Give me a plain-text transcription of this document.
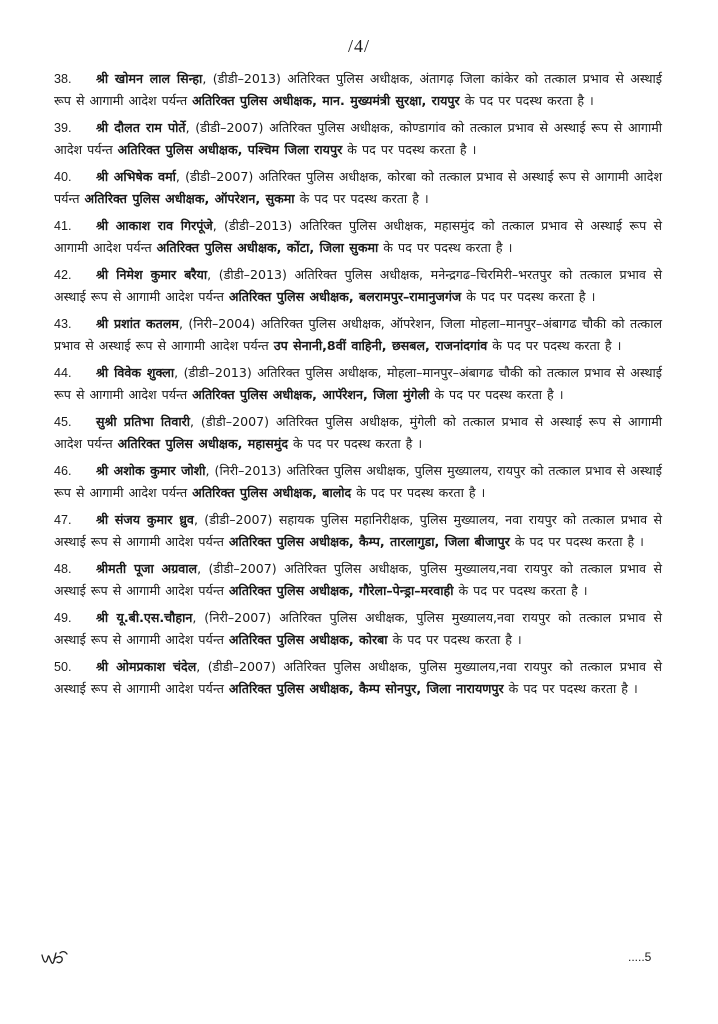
/4/
38. श्री खोमन लाल सिन्हा, (डीडी–2013) अतिरिक्त पुलिस अधीक्षक, अंतागढ़ जिला कांकेर को तत्काल प्रभाव से अस्थाई रूप से आगामी आदेश पर्यन्त अतिरिक्त पुलिस अधीक्षक, मान. मुख्यमंत्री सुरक्षा, रायपुर के पद पर पदस्थ करता है ।
39. श्री दौलत राम पोर्ते, (डीडी–2007) अतिरिक्त पुलिस अधीक्षक, कोण्डागांव को तत्काल प्रभाव से अस्थाई रूप से आगामी आदेश पर्यन्त अतिरिक्त पुलिस अधीक्षक, पश्चिम जिला रायपुर के पद पर पदस्थ करता है ।
40. श्री अभिषेक वर्मा, (डीडी–2007) अतिरिक्त पुलिस अधीक्षक, कोरबा को तत्काल प्रभाव से अस्थाई रूप से आगामी आदेश पर्यन्त अतिरिक्त पुलिस अधीक्षक, ऑपरेशन, सुकमा के पद पर पदस्थ करता है ।
41. श्री आकाश राव गिरपूंजे, (डीडी–2013) अतिरिक्त पुलिस अधीक्षक, महासमुंद को तत्काल प्रभाव से अस्थाई रूप से आगामी आदेश पर्यन्त अतिरिक्त पुलिस अधीक्षक, कोंटा, जिला सुकमा के पद पर पदस्थ करता है ।
42. श्री निमेश कुमार बरैया, (डीडी–2013) अतिरिक्त पुलिस अधीक्षक, मनेन्द्रगढ–चिरमिरी–भरतपुर को तत्काल प्रभाव से अस्थाई रूप से आगामी आदेश पर्यन्त अतिरिक्त पुलिस अधीक्षक, बलरामपुर–रामानुजगंज के पद पर पदस्थ करता है ।
43. श्री प्रशांत कतलम, (निरी–2004) अतिरिक्त पुलिस अधीक्षक, ऑपरेशन, जिला मोहला–मानपुर–अंबागढ चौकी को तत्काल प्रभाव से अस्थाई रूप से आगामी आदेश पर्यन्त उप सेनानी,8वीं वाहिनी, छसबल, राजनांदगांव के पद पर पदस्थ करता है ।
44. श्री विवेक शुक्ला, (डीडी–2013) अतिरिक्त पुलिस अधीक्षक, मोहला–मानपुर–अंबागढ चौकी को तत्काल प्रभाव से अस्थाई रूप से आगामी आदेश पर्यन्त अतिरिक्त पुलिस अधीक्षक, आपॅरेशन, जिला मुंगेली के पद पर पदस्थ करता है ।
45. सुश्री प्रतिभा तिवारी, (डीडी–2007) अतिरिक्त पुलिस अधीक्षक, मुंगेली को तत्काल प्रभाव से अस्थाई रूप से आगामी आदेश पर्यन्त अतिरिक्त पुलिस अधीक्षक, महासमुंद के पद पर पदस्थ करता है ।
46. श्री अशोक कुमार जोशी, (निरी–2013) अतिरिक्त पुलिस अधीक्षक, पुलिस मुख्यालय, रायपुर को तत्काल प्रभाव से अस्थाई रूप से आगामी आदेश पर्यन्त अतिरिक्त पुलिस अधीक्षक, बालोद के पद पर पदस्थ करता है ।
47. श्री संजय कुमार ध्रुव, (डीडी–2007) सहायक पुलिस महानिरीक्षक, पुलिस मुख्यालय, नवा रायपुर को तत्काल प्रभाव से अस्थाई रूप से आगामी आदेश पर्यन्त अतिरिक्त पुलिस अधीक्षक, कैम्प, तारलागुडा, जिला बीजापुर के पद पर पदस्थ करता है ।
48. श्रीमती पूजा अग्रवाल, (डीडी–2007) अतिरिक्त पुलिस अधीक्षक, पुलिस मुख्यालय,नवा रायपुर को तत्काल प्रभाव से अस्थाई रूप से आगामी आदेश पर्यन्त अतिरिक्त पुलिस अधीक्षक, गौरेला–पेन्ड्रा–मरवाही के पद पर पदस्थ करता है ।
49. श्री यू.बी.एस.चौहान, (निरी–2007) अतिरिक्त पुलिस अधीक्षक, पुलिस मुख्यालय,नवा रायपुर को तत्काल प्रभाव से अस्थाई रूप से आगामी आदेश पर्यन्त अतिरिक्त पुलिस अधीक्षक, कोरबा के पद पर पदस्थ करता है ।
50. श्री ओमप्रकाश चंदेल, (डीडी–2007) अतिरिक्त पुलिस अधीक्षक, पुलिस मुख्यालय,नवा रायपुर को तत्काल प्रभाव से अस्थाई रूप से आगामी आदेश पर्यन्त अतिरिक्त पुलिस अधीक्षक, कैम्प सोनपुर, जिला नारायणपुर के पद पर पदस्थ करता है ।
.....5
